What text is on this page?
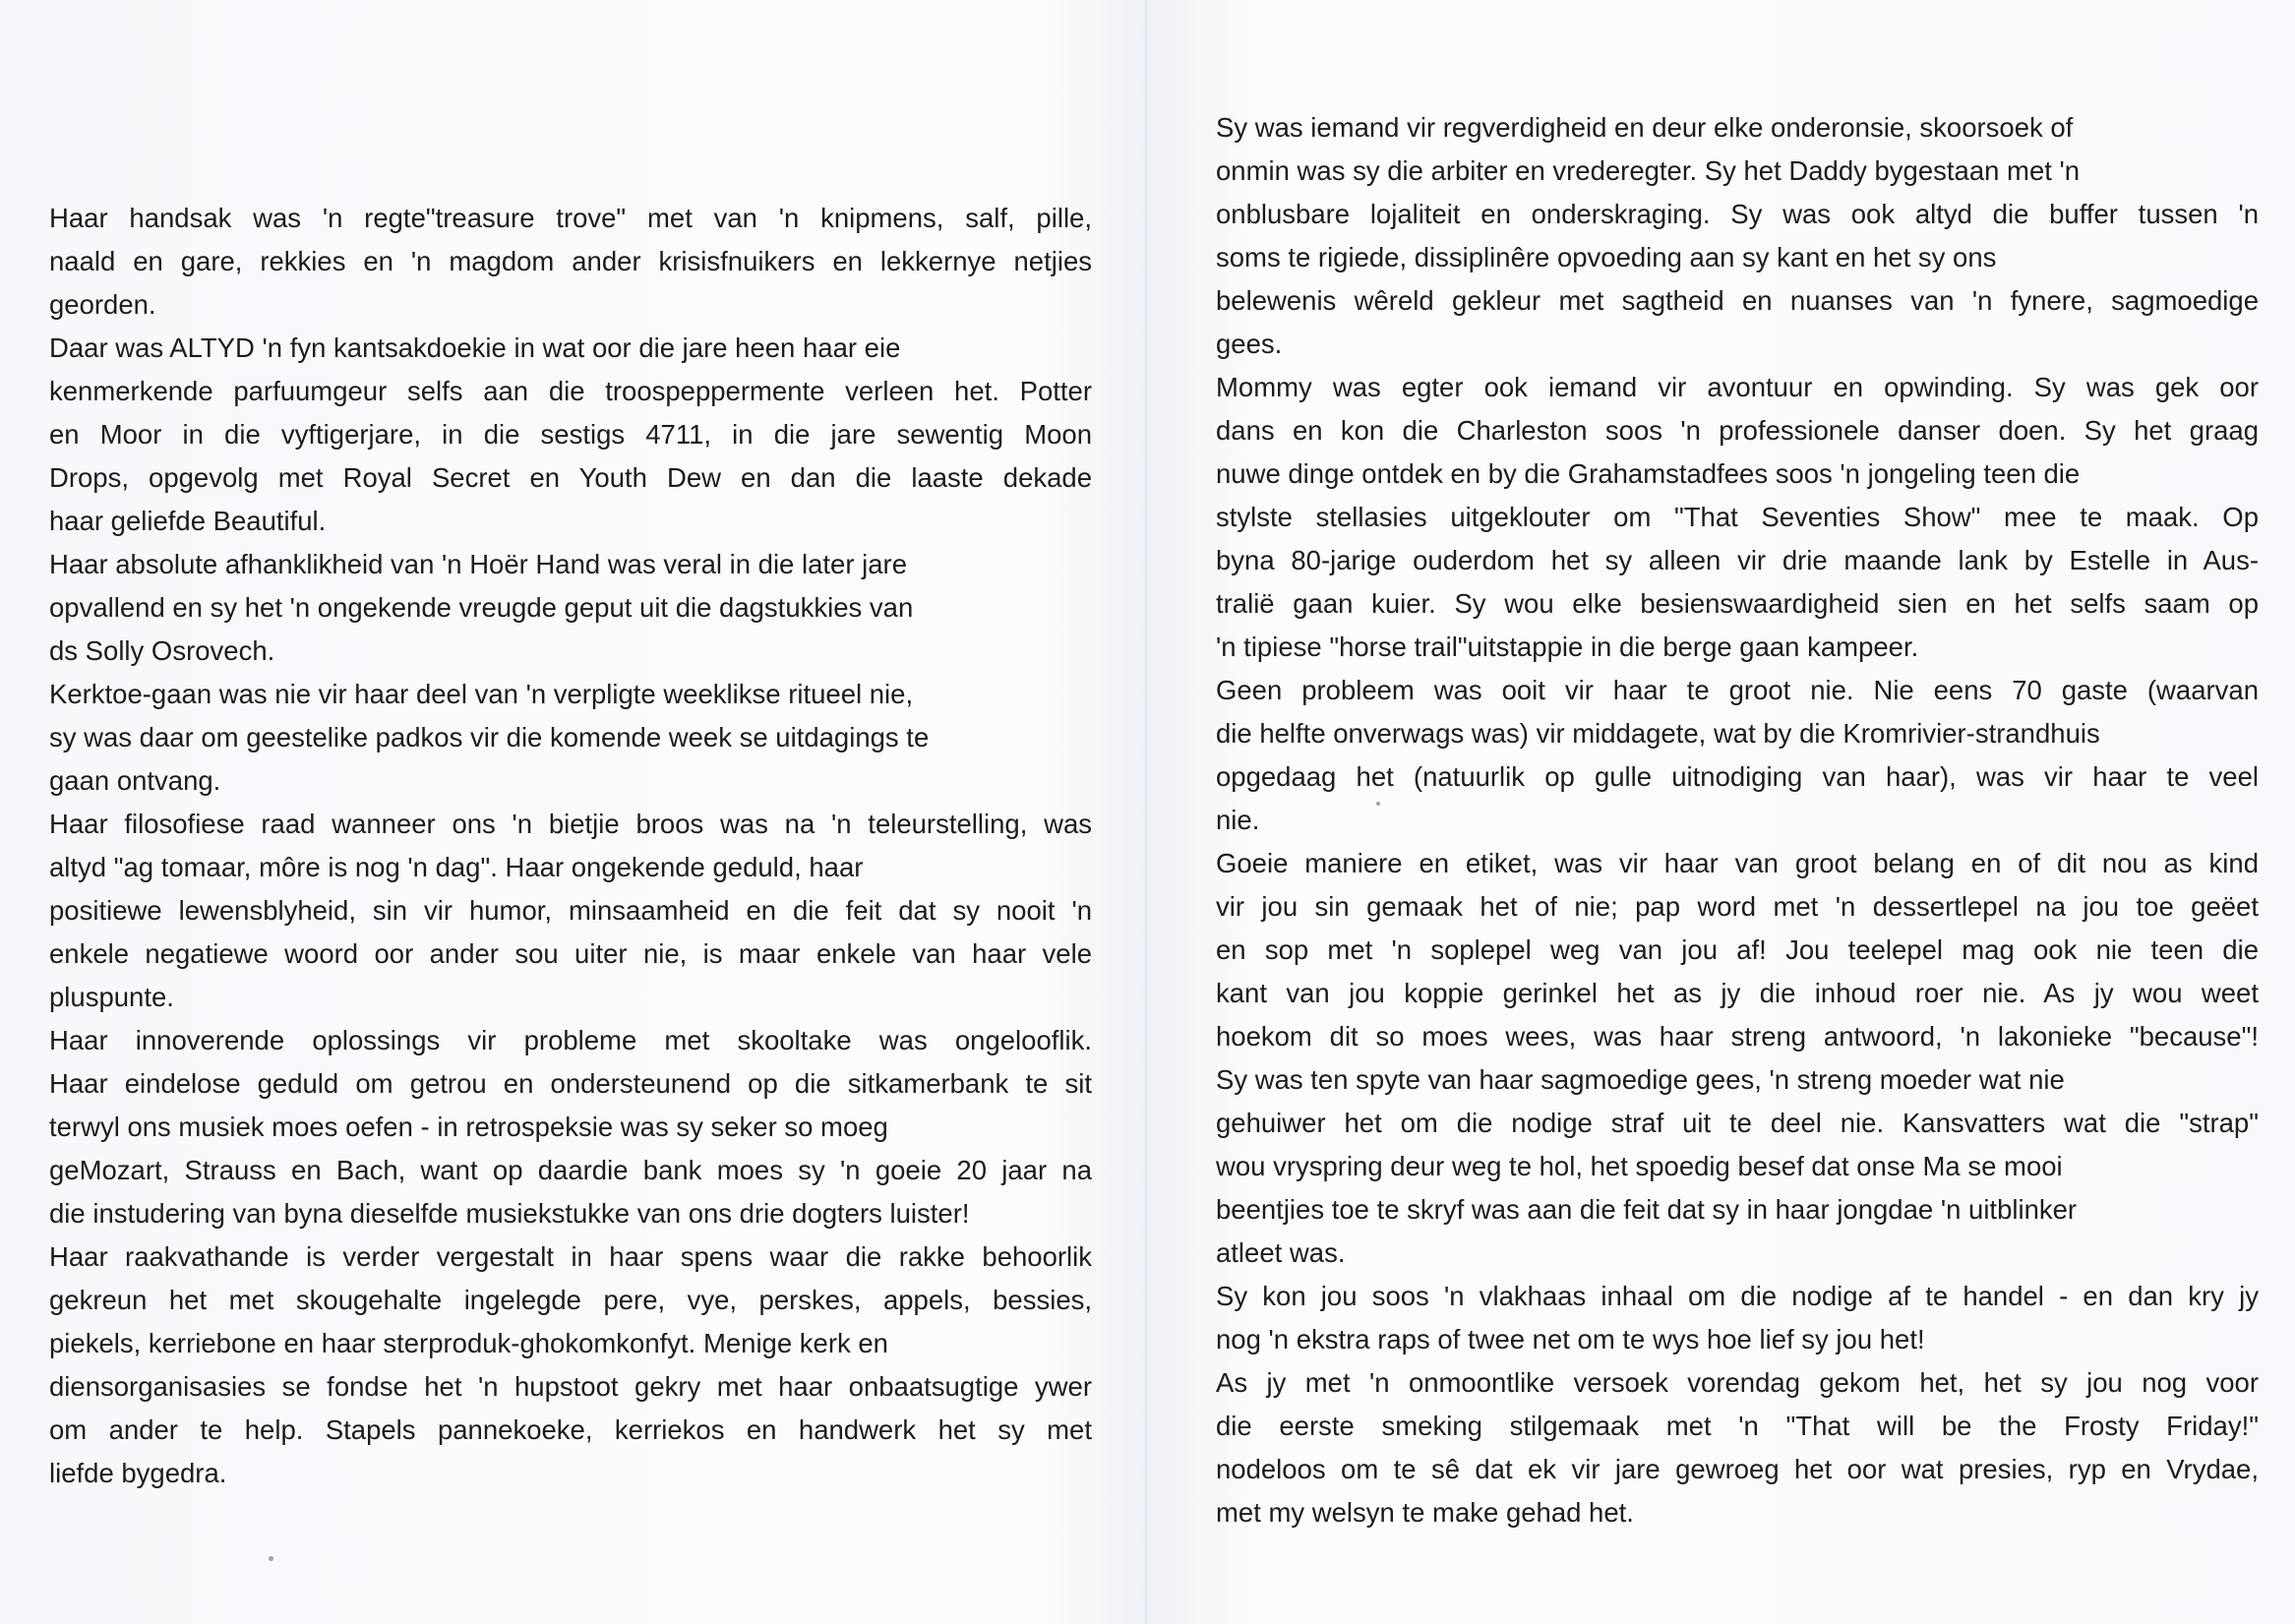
Haar handsak was 'n regte"treasure trove" met van 'n knipmens, salf, pille,
naald en gare, rekkies en 'n magdom ander krisisfnuikers en lekkernye netjies
georden.
Daar was ALTYD 'n fyn kantsakdoekie in wat oor die jare heen haar eie
kenmerkende parfuumgeur selfs aan die troospeppermente verleen het. Potter
en Moor in die vyftigerjare, in die sestigs 4711, in die jare sewentig Moon
Drops, opgevolg met Royal Secret en Youth Dew en dan die laaste dekade
haar geliefde Beautiful.
Haar absolute afhanklikheid van 'n Hoër Hand was veral in die later jare
opvallend en sy het 'n ongekende vreugde geput uit die dagstukkies van
ds Solly Osrovech.
Kerktoe-gaan was nie vir haar deel van 'n verpligte weeklikse ritueel nie,
sy was daar om geestelike padkos vir die komende week se uitdagings te
gaan ontvang.
Haar filosofiese raad wanneer ons 'n bietjie broos was na 'n teleurstelling, was
altyd "ag tomaar, môre is nog 'n dag". Haar ongekende geduld, haar
positiewe lewensblyheid, sin vir humor, minsaamheid en die feit dat sy nooit 'n
enkele negatiewe woord oor ander sou uiter nie, is maar enkele van haar vele
pluspunte.
Haar innoverende oplossings vir probleme met skooltake was ongelooflik.
Haar eindelose geduld om getrou en ondersteunend op die sitkamerbank te sit
terwyl ons musiek moes oefen - in retrospeksie was sy seker so moeg
geMozart, Strauss en Bach, want op daardie bank moes sy 'n goeie 20 jaar na
die instudering van byna dieselfde musiekstukke van ons drie dogters luister!
Haar raakvathande is verder vergestalt in haar spens waar die rakke behoorlik
gekreun het met skougehalte ingelegde pere, vye, perskes, appels, bessies,
piekels, kerriebone en haar sterproduk-ghokomkonfyt. Menige kerk en
diensorganisasies se fondse het 'n hupstoot gekry met haar onbaatsugtige ywer
om ander te help. Stapels pannekoeke, kerriekos en handwerk het sy met
liefde bygedra.
Sy was iemand vir regverdigheid en deur elke onderonsie, skoorsoek of
onmin was sy die arbiter en vrederegter. Sy het Daddy bygestaan met 'n
onblusbare lojaliteit en onderskraging. Sy was ook altyd die buffer tussen 'n
soms te rigiede, dissiplinêre opvoeding aan sy kant en het sy ons
belewenis wêreld gekleur met sagtheid en nuanses van 'n fynere, sagmoedige
gees.
Mommy was egter ook iemand vir avontuur en opwinding. Sy was gek oor
dans en kon die Charleston soos 'n professionele danser doen. Sy het graag
nuwe dinge ontdek en by die Grahamstadfees soos 'n jongeling teen die
stylste stellasies uitgeklouter om "That Seventies Show" mee te maak. Op
byna 80-jarige ouderdom het sy alleen vir drie maande lank by Estelle in Aus-
tralië gaan kuier. Sy wou elke besienswaardigheid sien en het selfs saam op
'n tipiese "horse trail"uitstappie in die berge gaan kampeer.
Geen probleem was ooit vir haar te groot nie. Nie eens 70 gaste (waarvan
die helfte onverwags was) vir middagete, wat by die Kromrivier-strandhuis
opgedaag het (natuurlik op gulle uitnodiging van haar), was vir haar te veel
nie.
Goeie maniere en etiket, was vir haar van groot belang en of dit nou as kind
vir jou sin gemaak het of nie; pap word met 'n dessertlepel na jou toe geëet
en sop met 'n soplepel weg van jou af! Jou teelepel mag ook nie teen die
kant van jou koppie gerinkel het as jy die inhoud roer nie. As jy wou weet
hoekom dit so moes wees, was haar streng antwoord, 'n lakonieke "because"!
Sy was ten spyte van haar sagmoedige gees, 'n streng moeder wat nie
gehuiwer het om die nodige straf uit te deel nie. Kansvatters wat die "strap"
wou vryspring deur weg te hol, het spoedig besef dat onse Ma se mooi
beentjies toe te skryf was aan die feit dat sy in haar jongdae 'n uitblinker
atleet was.
Sy kon jou soos 'n vlakhaas inhaal om die nodige af te handel - en dan kry jy
nog 'n ekstra raps of twee net om te wys hoe lief sy jou het!
As jy met 'n onmoontlike versoek vorendag gekom het, het sy jou nog voor
die eerste smeking stilgemaak met 'n "That will be the Frosty Friday!"
nodeloos om te sê dat ek vir jare gewroeg het oor wat presies, ryp en Vrydae,
met my welsyn te make gehad het.
